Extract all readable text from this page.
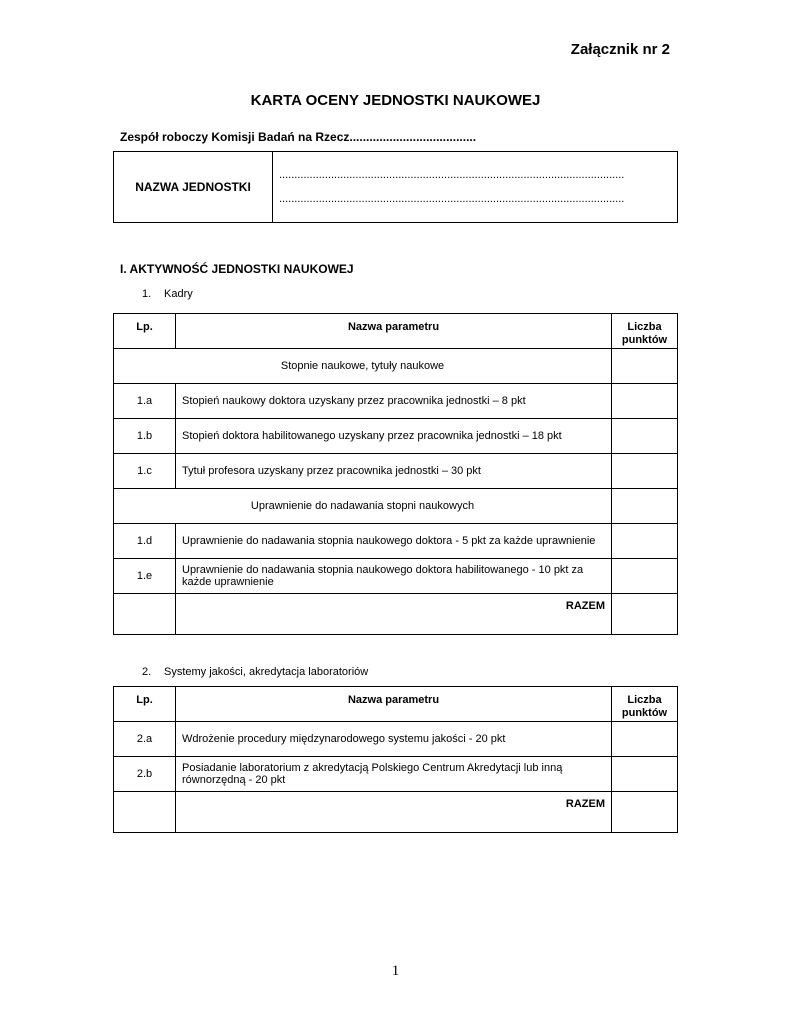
Załącznik nr 2
KARTA OCENY JEDNOSTKI NAUKOWEJ
Zespół roboczy Komisji Badań na Rzecz......................................
NAZWA JEDNOSTKI	
.................................................................................................................
.................................................................................................................
I. AKTYWNOŚĆ JEDNOSTKI NAUKOWEJ
1. Kadry
Lp.	Nazwa parametru	Liczba
punktów
Stopnie naukowe, tytuły naukowe		
1.a	Stopień naukowy doktora uzyskany przez pracownika jednostki – 8 pkt	
1.b	Stopień doktora habilitowanego uzyskany przez pracownika jednostki – 18 pkt	
1.c	Tytuł profesora uzyskany przez pracownika jednostki – 30 pkt	
Uprawnienie do nadawania stopni naukowych		
1.d	Uprawnienie do nadawania stopnia naukowego doktora - 5 pkt za każde uprawnienie	
1.e	Uprawnienie do nadawania stopnia naukowego doktora habilitowanego - 10 pkt za
każde uprawnienie	
	RAZEM	
2. Systemy jakości, akredytacja laboratoriów
Lp.	Nazwa parametru	Liczba
punktów
2.a	Wdrożenie procedury międzynarodowego systemu jakości - 20 pkt	
2.b	Posiadanie laboratorium z akredytacją Polskiego Centrum Akredytacji lub inną
równorzędną - 20 pkt	
	RAZEM	
1
